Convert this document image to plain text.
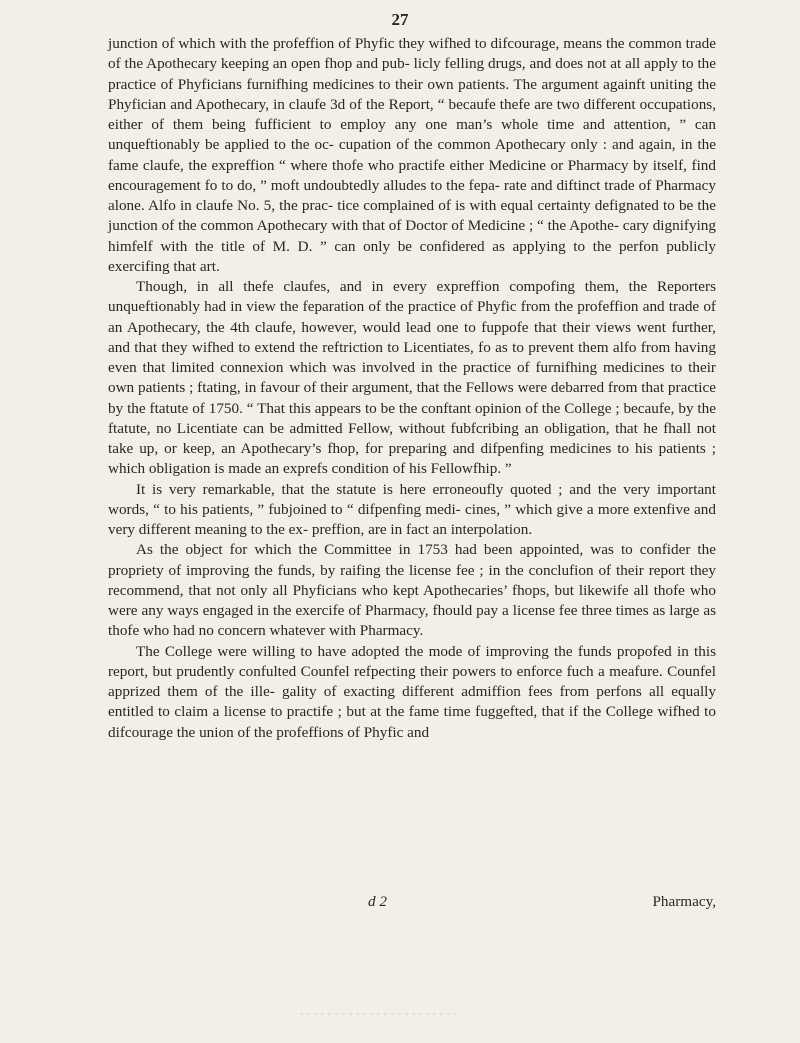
27

junction of which with the profeffion of Phyfic they wifhed to difcourage, means the common trade of the Apothecary keeping an open fhop and pub- licly felling drugs, and does not at all apply to the practice of Phyficians furnifhing medicines to their own patients. The argument againft uniting the Phyfician and Apothecary, in claufe 3d of the Report, “ becaufe thefe are two different occupations, either of them being fufficient to employ any one man’s whole time and attention, ” can unqueftionably be applied to the oc- cupation of the common Apothecary only : and again, in the fame claufe, the expreffion “ where thofe who practife either Medicine or Pharmacy by itself, find encouragement fo to do, ” moft undoubtedly alludes to the fepa- rate and diftinct trade of Pharmacy alone. Alfo in claufe No. 5, the prac- tice complained of is with equal certainty defignated to be the junction of the common Apothecary with that of Doctor of Medicine ; “ the Apothe- cary dignifying himfelf with the title of M. D. ” can only be confidered as applying to the perfon publicly exercifing that art.

Though, in all thefe claufes, and in every expreffion compofing them, the Reporters unqueftionably had in view the feparation of the practice of Phyfic from the profeffion and trade of an Apothecary, the 4th claufe, however, would lead one to fuppofe that their views went further, and that they wifhed to extend the reftriction to Licentiates, fo as to prevent them alfo from having even that limited connexion which was involved in the practice of furnifhing medicines to their own patients ; ftating, in favour of their argument, that the Fellows were debarred from that practice by the ftatute of 1750. “ That this appears to be the conftant opinion of the College ; becaufe, by the ftatute, no Licentiate can be admitted Fellow, without fubfcribing an obligation, that he fhall not take up, or keep, an Apothecary’s fhop, for preparing and difpenfing medicines to his patients ; which obligation is made an exprefs condition of his Fellowfhip. ”

It is very remarkable, that the statute is here erroneoufly quoted ; and the very important words, “ to his patients, ” fubjoined to “ difpenfing medi- cines, ” which give a more extenfive and very different meaning to the ex- preffion, are in fact an interpolation.

As the object for which the Committee in 1753 had been appointed, was to confider the propriety of improving the funds, by raifing the license fee ; in the conclufion of their report they recommend, that not only all Phyficians who kept Apothecaries’ fhops, but likewife all thofe who were any ways engaged in the exercife of Pharmacy, fhould pay a license fee three times as large as thofe who had no concern whatever with Pharmacy.

The College were willing to have adopted the mode of improving the funds propofed in this report, but prudently confulted Counfel refpecting their powers to enforce fuch a meafure. Counfel apprized them of the ille- gality of exacting different admiffion fees from perfons all equally entitled to claim a license to practife ; but at the fame time fuggefted, that if the College wifhed to difcourage the union of the profeffions of Phyfic and

d 2	Pharmacy,
